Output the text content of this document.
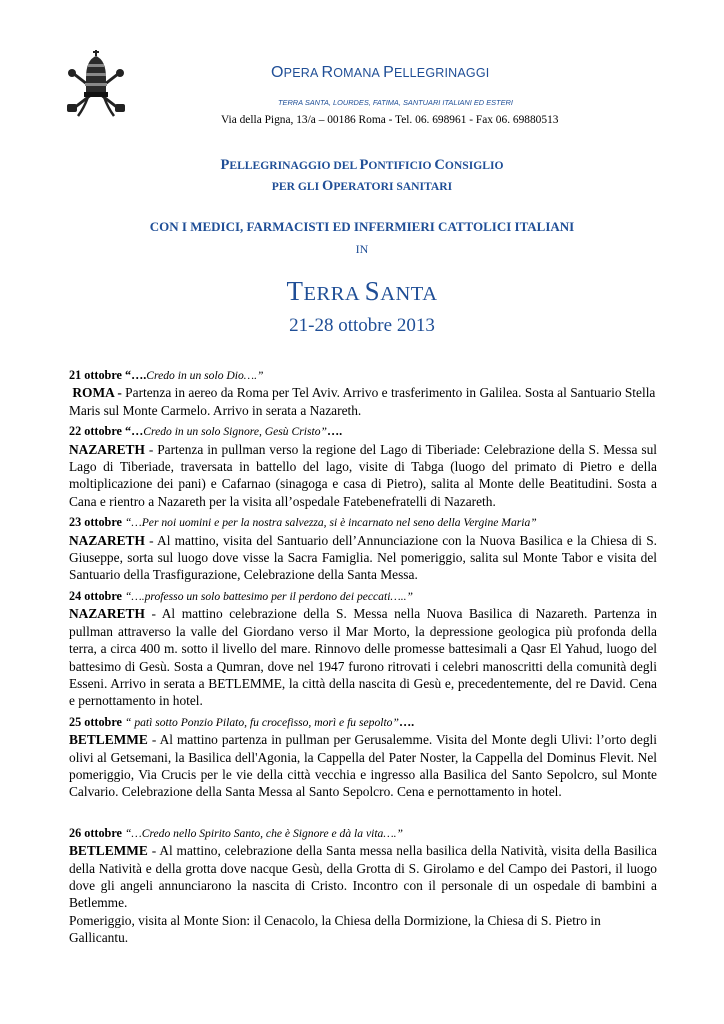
OPERA ROMANA PELLEGRINAGGI
TERRA SANTA, LOURDES, FATIMA, SANTUARI ITALIANI ED ESTERI
Via della Pigna, 13/a – 00186 Roma - Tel. 06. 698961 - Fax 06. 69880513
PELLEGRINAGGIO DEL PONTIFICIO CONSIGLIO
PER GLI OPERATORI SANITARI
CON I MEDICI, FARMACISTI ED INFERMIERI CATTOLICI ITALIANI
IN
TERRA SANTA
21-28 ottobre 2013
21 ottobre “….Credo in un solo Dio….”
ROMA - Partenza in aereo da Roma per Tel Aviv. Arrivo e trasferimento in Galilea. Sosta al Santuario Stella Maris sul Monte Carmelo. Arrivo in serata a Nazareth.
22 ottobre “…Credo in un solo Signore, Gesù Cristo”….
NAZARETH - Partenza in pullman verso la regione del Lago di Tiberiade: Celebrazione della S. Messa sul Lago di Tiberiade, traversata in battello del lago, visite di Tabga (luogo del primato di Pietro e della moltiplicazione dei pani) e Cafarnao (sinagoga e casa di Pietro), salita al Monte delle Beatitudini. Sosta a Cana e rientro a Nazareth per la visita all’ospedale Fatebenefratelli di Nazareth.
23 ottobre “…Per noi uomini e per la nostra salvezza, si è incarnato nel seno della Vergine Maria”
NAZARETH - Al mattino, visita del Santuario dell’Annunciazione con la Nuova Basilica e la Chiesa di S. Giuseppe, sorta sul luogo dove visse la Sacra Famiglia. Nel pomeriggio, salita sul Monte Tabor e visita del Santuario della Trasfigurazione, Celebrazione della Santa Messa.
24 ottobre “….professo un solo battesimo per il perdono dei peccati…..”
NAZARETH - Al mattino celebrazione della S. Messa nella Nuova Basilica di Nazareth. Partenza in pullman attraverso la valle del Giordano verso il Mar Morto, la depressione geologica più profonda della terra, a circa 400 m. sotto il livello del mare. Rinnovo delle promesse battesimali a Qasr El Yahud, luogo del battesimo di Gesù. Sosta a Qumran, dove nel 1947 furono ritrovati i celebri manoscritti della comunità degli Esseni. Arrivo in serata a BETLEMME, la città della nascita di Gesù e, precedentemente, del re David. Cena e pernottamento in hotel.
25 ottobre “ patì sotto Ponzio Pilato, fu crocefisso, morì e fu sepolto”….
BETLEMME - Al mattino partenza in pullman per Gerusalemme. Visita del Monte degli Ulivi: l’orto degli olivi al Getsemani, la Basilica dell'Agonia, la Cappella del Pater Noster, la Cappella del Dominus Flevit. Nel pomeriggio, Via Crucis per le vie della città vecchia e ingresso alla Basilica del Santo Sepolcro, sul Monte Calvario. Celebrazione della Santa Messa al Santo Sepolcro. Cena e pernottamento in hotel.
26 ottobre “…Credo nello Spirito Santo, che è Signore e dà la vita….”
BETLEMME - Al mattino, celebrazione della Santa messa nella basilica della Natività, visita della Basilica della Natività e della grotta dove nacque Gesù, della Grotta di S. Girolamo e del Campo dei Pastori, il luogo dove gli angeli annunciarono la nascita di Cristo. Incontro con il personale di un ospedale di bambini a Betlemme.
Pomeriggio, visita al Monte Sion: il Cenacolo, la Chiesa della Dormizione, la Chiesa di S. Pietro in Gallicantu.
